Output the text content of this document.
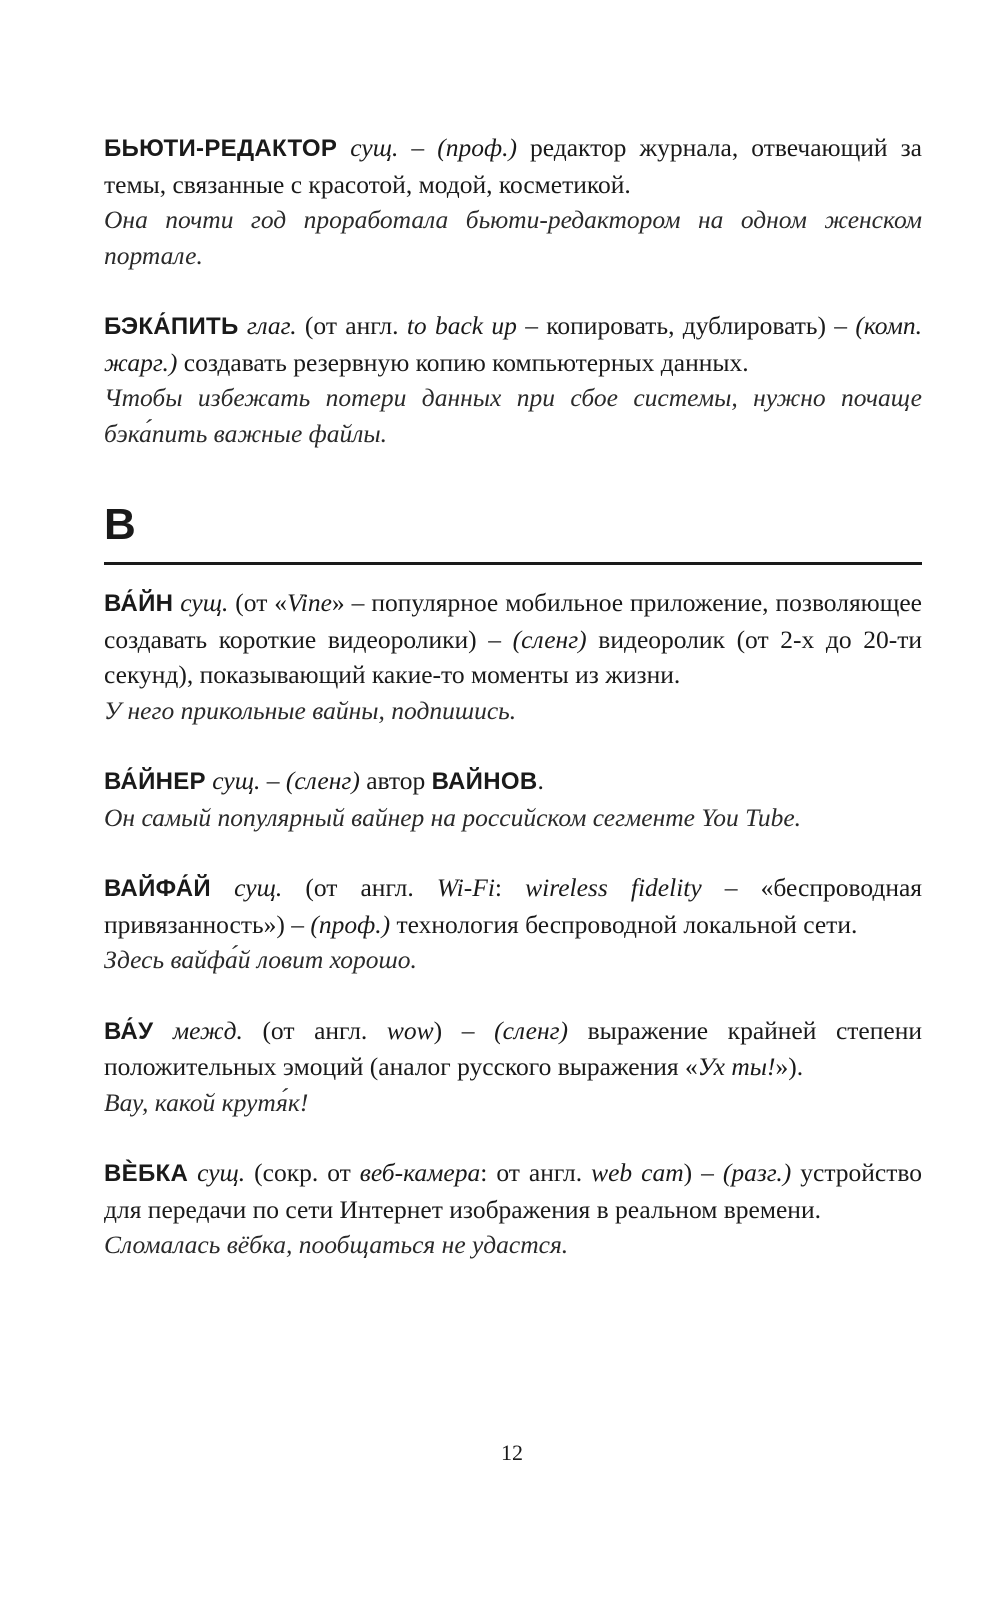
БЬЮТИ-РЕДАКТОР сущ. – (проф.) редактор журнала, отвечающий за темы, связанные с красотой, модой, косметикой.

Она почти год проработала бьюти-редактором на одном женском портале.

БЭКА́ПИТЬ глаг. (от англ. to back up – копировать, дублировать) – (комп. жарг.) создавать резервную копию компьютерных данных.

Чтобы избежать потери данных при сбое системы, нужно почаще бэка́пить важные файлы.

В

ВА́ЙН сущ. (от «Vine» – популярное мобильное приложение, позволяющее создавать короткие видеоролики) – (сленг) видеоролик (от 2-х до 20-ти секунд), показывающий какие-то моменты из жизни.

У него прикольные вайны, подпишись.

ВА́ЙНЕР сущ. – (сленг) автор ВАЙНОВ.

Он самый популярный вайнер на российском сегменте You Tube.

ВАЙФА́Й сущ. (от англ. Wi-Fi: wireless fidelity – «беспроводная привязанность») – (проф.) технология беспроводной локальной сети.

Здесь вайфа́й ловит хорошо.

ВА́У межд. (от англ. wow) – (сленг) выражение крайней степени положительных эмоций (аналог русского выражения «Ух ты!»).

Вау, какой крутя́к!

ВЀБКА сущ. (сокр. от веб-камера: от англ. web cam) – (разг.) устройство для передачи по сети Интернет изображения в реальном времени.

Сломалась вёбка, пообщаться не удастся.

12
